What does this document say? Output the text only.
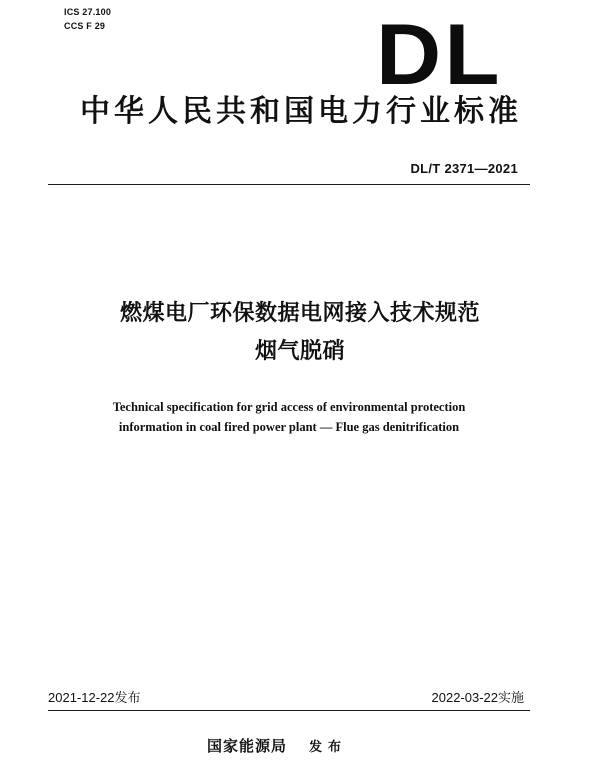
ICS 27.100
CCS F 29	DL
中华人民共和国电力行业标准
DL/T 2371—2021
燃煤电厂环保数据电网接入技术规范
烟气脱硝
Technical specification for grid access of environmental protection
information in coal fired power plant — Flue gas denitrification
2021-12-22发布	2022-03-22实施
国家能源局 发布
